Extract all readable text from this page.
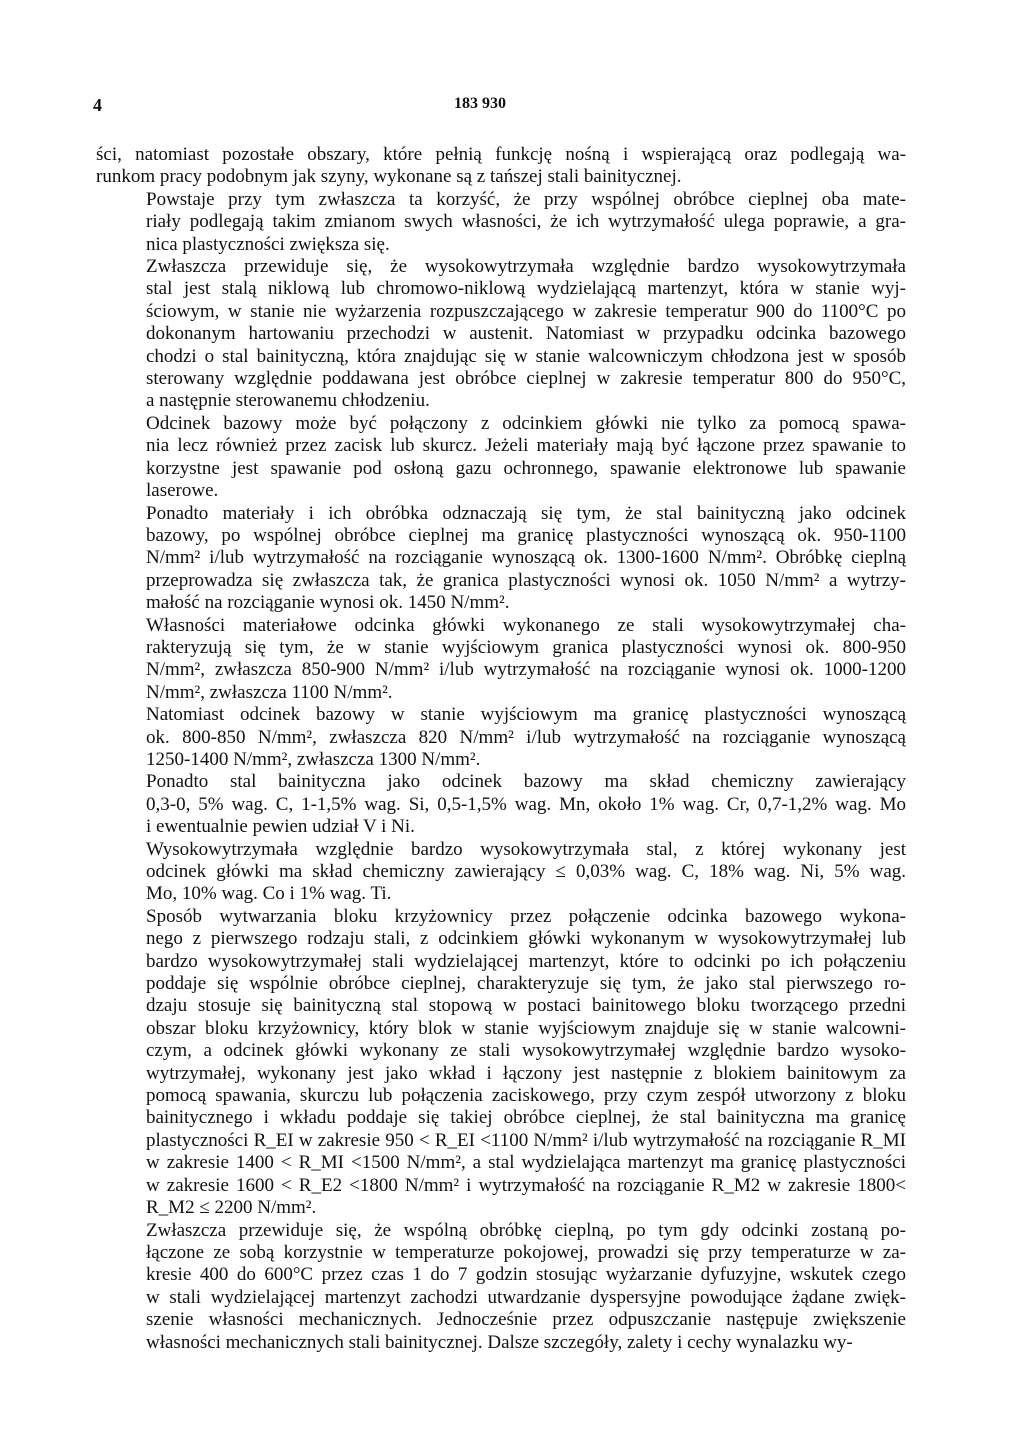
4	183 930
ści, natomiast pozostałe obszary, które pełnią funkcję nośną i wspierającą oraz podlegają wa-
runkom pracy podobnym jak szyny, wykonane są z tańszej stali bainitycznej.
Powstaje przy tym zwłaszcza ta korzyść, że przy wspólnej obróbce cieplnej oba mate-
riały podlegają takim zmianom swych własności, że ich wytrzymałość ulega poprawie, a gra-
nica plastyczności zwiększa się.
Zwłaszcza przewiduje się, że wysokowytrzymała względnie bardzo wysokowytrzymała
stal jest stalą niklową lub chromowo-niklową wydzielającą martenzyt, która w stanie wyj-
ściowym, w stanie nie wyżarzenia rozpuszczającego w zakresie temperatur 900 do 1100°C po
dokonanym hartowaniu przechodzi w austenit. Natomiast w przypadku odcinka bazowego
chodzi o stal bainityczną, która znajdując się w stanie walcowniczym chłodzona jest w sposób
sterowany względnie poddawana jest obróbce cieplnej w zakresie temperatur 800 do 950°C,
a następnie sterowanemu chłodzeniu.
Odcinek bazowy może być połączony z odcinkiem główki nie tylko za pomocą spawa-
nia lecz również przez zacisk lub skurcz. Jeżeli materiały mają być łączone przez spawanie to
korzystne jest spawanie pod osłoną gazu ochronnego, spawanie elektronowe lub spawanie
laserowe.
Ponadto materiały i ich obróbka odznaczają się tym, że stal bainityczną jako odcinek
bazowy, po wspólnej obróbce cieplnej ma granicę plastyczności wynoszącą ok. 950-1100
N/mm² i/lub wytrzymałość na rozciąganie wynoszącą ok. 1300-1600 N/mm². Obróbkę cieplną
przeprowadza się zwłaszcza tak, że granica plastyczności wynosi ok. 1050 N/mm² a wytrzy-
małość na rozciąganie wynosi ok. 1450 N/mm².
Własności materiałowe odcinka główki wykonanego ze stali wysokowytrzymałej cha-
rakteryzują się tym, że w stanie wyjściowym granica plastyczności wynosi ok. 800-950
N/mm², zwłaszcza 850-900 N/mm² i/lub wytrzymałość na rozciąganie wynosi ok. 1000-1200
N/mm², zwłaszcza 1100 N/mm².
Natomiast odcinek bazowy w stanie wyjściowym ma granicę plastyczności wynoszącą
ok. 800-850 N/mm², zwłaszcza 820 N/mm² i/lub wytrzymałość na rozciąganie wynoszącą
1250-1400 N/mm², zwłaszcza 1300 N/mm².
Ponadto stal bainityczna jako odcinek bazowy ma skład chemiczny zawierający
0,3-0, 5% wag. C, 1-1,5% wag. Si, 0,5-1,5% wag. Mn, około 1% wag. Cr, 0,7-1,2% wag. Mo
i ewentualnie pewien udział V i Ni.
Wysokowytrzymała względnie bardzo wysokowytrzymała stal, z której wykonany jest
odcinek główki ma skład chemiczny zawierający ≤ 0,03% wag. C, 18% wag. Ni, 5% wag.
Mo, 10% wag. Co i 1% wag. Ti.
Sposób wytwarzania bloku krzyżownicy przez połączenie odcinka bazowego wykona-
nego z pierwszego rodzaju stali, z odcinkiem główki wykonanym w wysokowytrzymałej lub
bardzo wysokowytrzymałej stali wydzielającej martenzyt, które to odcinki po ich połączeniu
poddaje się wspólnie obróbce cieplnej, charakteryzuje się tym, że jako stal pierwszego ro-
dzaju stosuje się bainityczną stal stopową w postaci bainitowego bloku tworzącego przedni
obszar bloku krzyżownicy, który blok w stanie wyjściowym znajduje się w stanie walcowni-
czym, a odcinek główki wykonany ze stali wysokowytrzymałej względnie bardzo wysoko-
wytrzymałej, wykonany jest jako wkład i łączony jest następnie z blokiem bainitowym za
pomocą spawania, skurczu lub połączenia zaciskowego, przy czym zespół utworzony z bloku
bainitycznego i wkładu poddaje się takiej obróbce cieplnej, że stal bainityczna ma granicę
plastyczności R_EI w zakresie 950 < R_EI <1100 N/mm² i/lub wytrzymałość na rozciąganie R_MI
w zakresie 1400 < R_MI <1500 N/mm², a stal wydzielająca martenzyt ma granicę plastyczności
w zakresie 1600 < R_E2 <1800 N/mm² i wytrzymałość na rozciąganie R_M2 w zakresie 1800<
R_M2 ≤ 2200 N/mm².
Zwłaszcza przewiduje się, że wspólną obróbkę cieplną, po tym gdy odcinki zostaną po-
łączone ze sobą korzystnie w temperaturze pokojowej, prowadzi się przy temperaturze w za-
kresie 400 do 600°C przez czas 1 do 7 godzin stosując wyżarzanie dyfuzyjne, wskutek czego
w stali wydzielającej martenzyt zachodzi utwardzanie dyspersyjne powodujące żądane zwięk-
szenie własności mechanicznych. Jednocześnie przez odpuszczanie następuje zwiększenie
własności mechanicznych stali bainitycznej. Dalsze szczegóły, zalety i cechy wynalazku wy-
